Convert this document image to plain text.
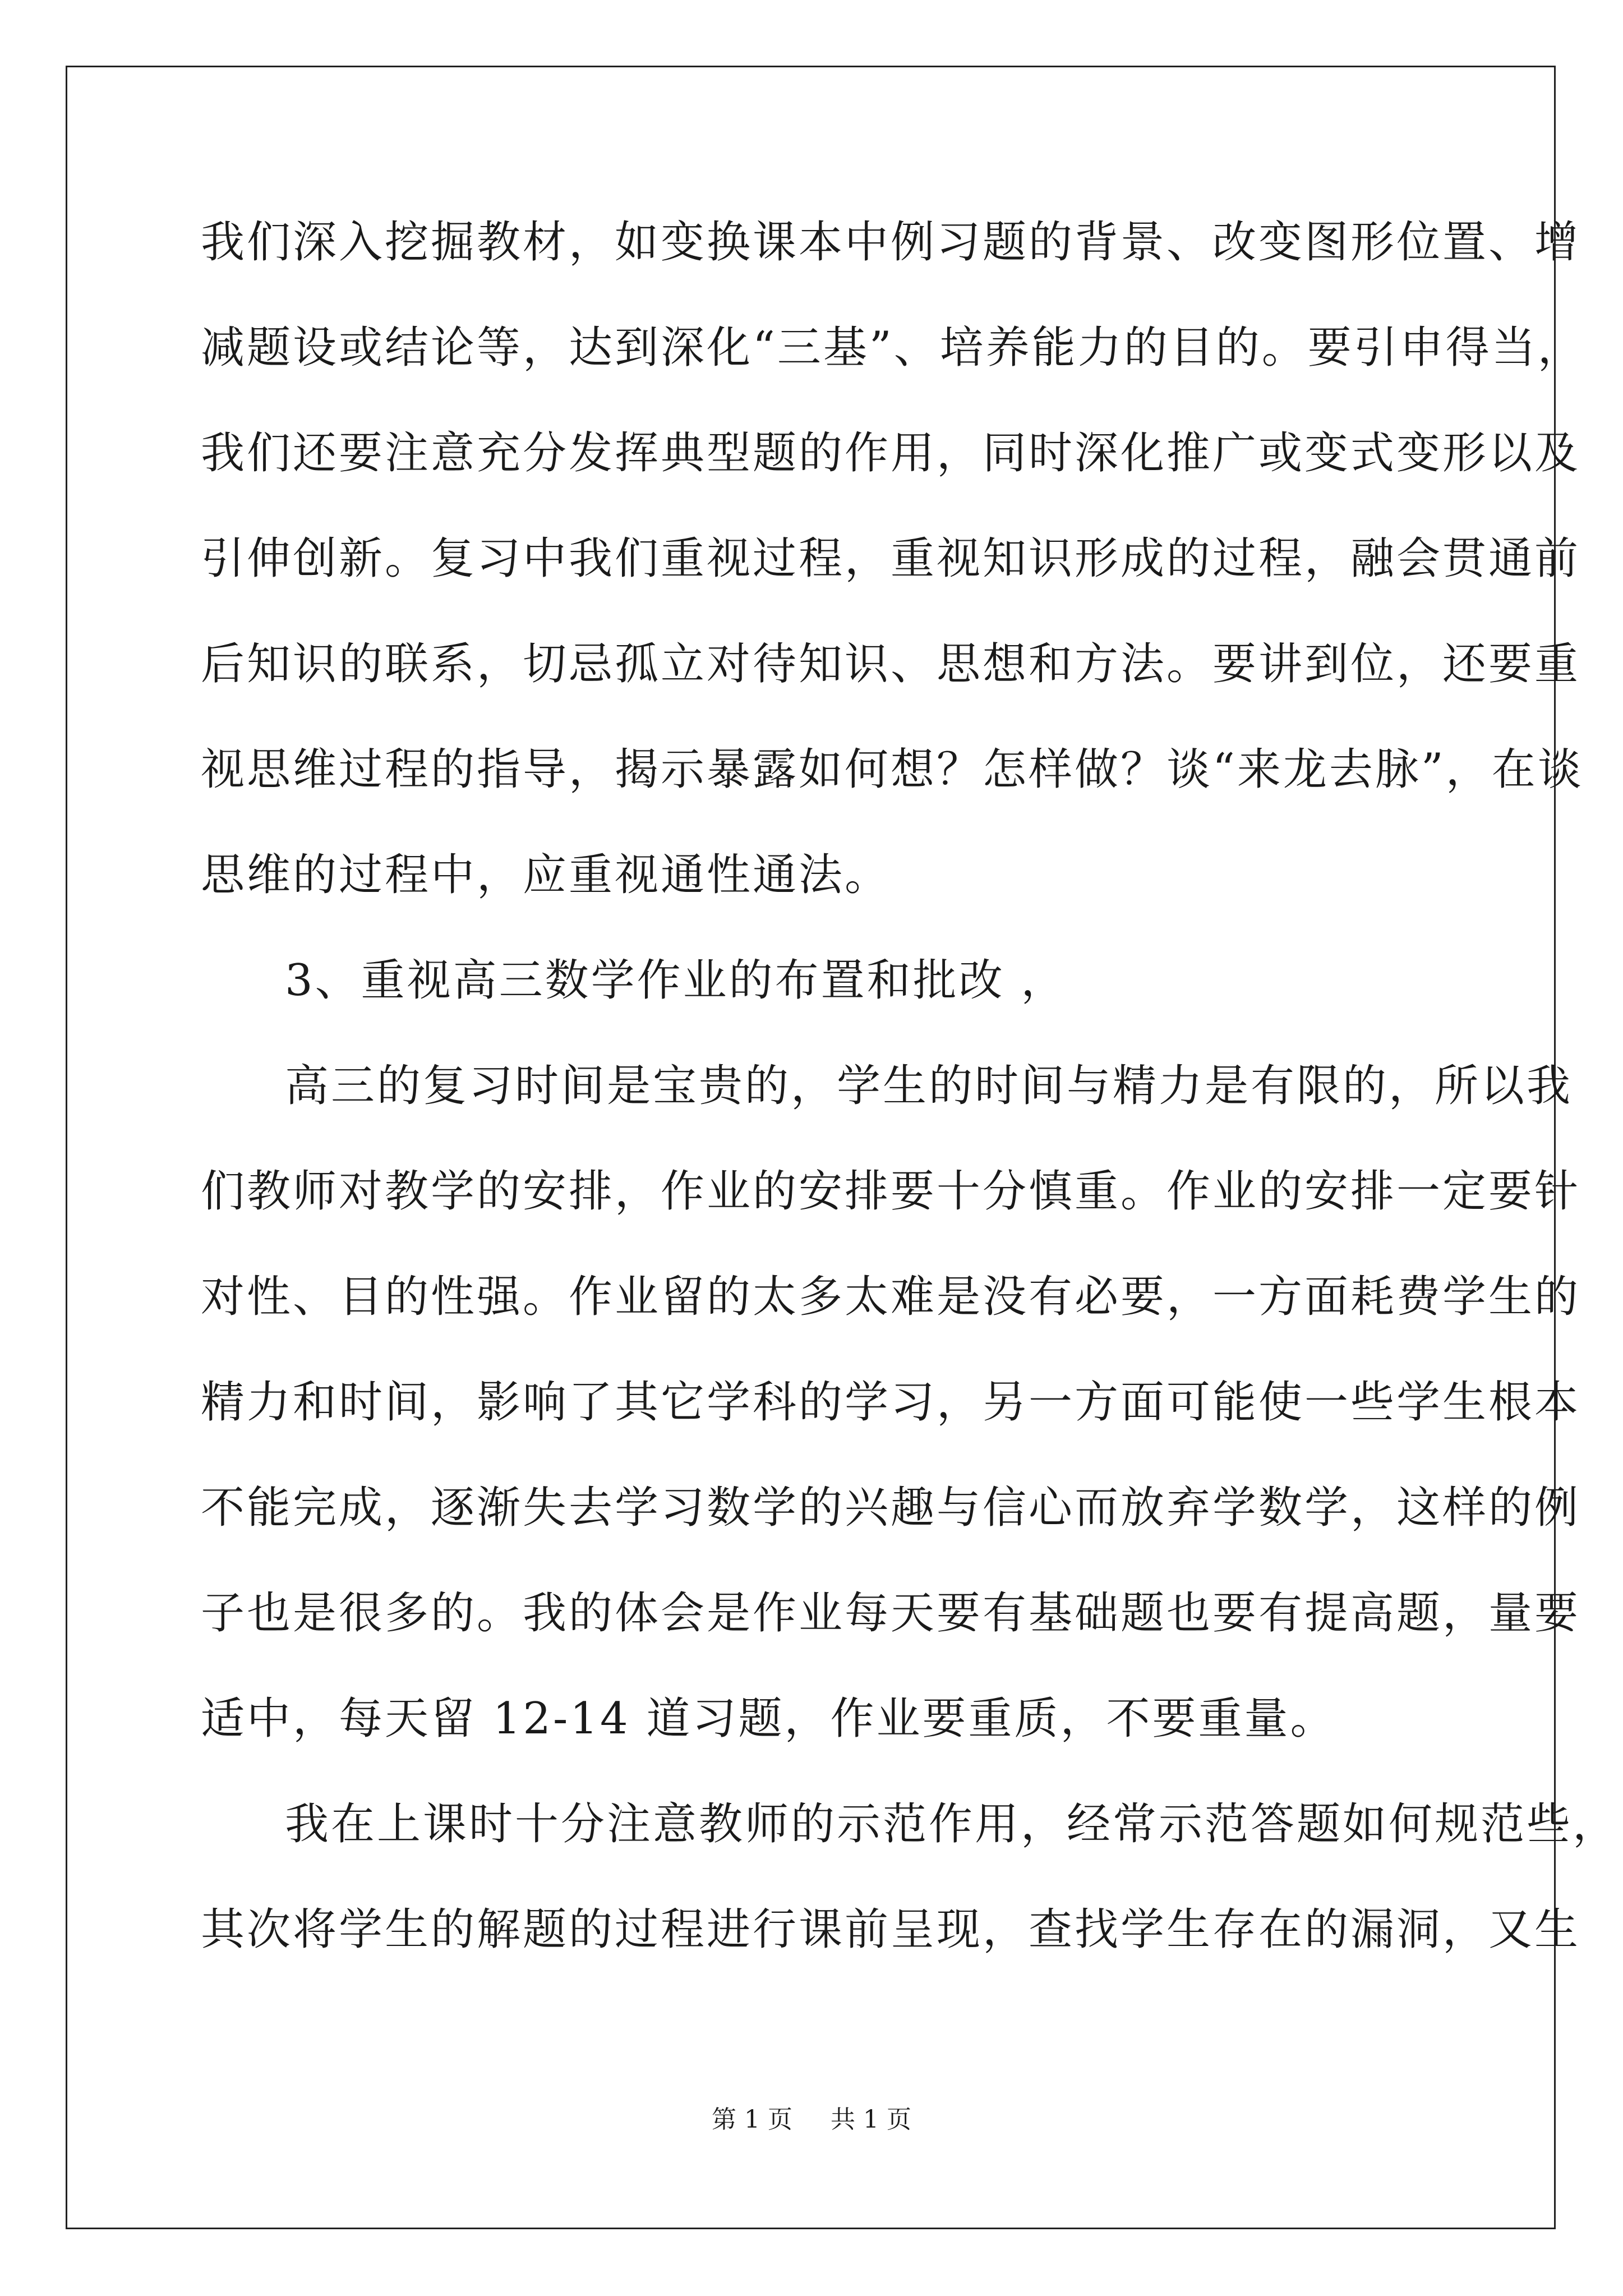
我们深入挖掘教材，如变换课本中例习题的背景、改变图形位置、增
减题设或结论等，达到深化“三基”、培养能力的目的。要引申得当，
我们还要注意充分发挥典型题的作用，同时深化推广或变式变形以及
引伸创新。复习中我们重视过程，重视知识形成的过程，融会贯通前
后知识的联系，切忌孤立对待知识、思想和方法。要讲到位，还要重
视思维过程的指导，揭示暴露如何想？怎样做？谈“来龙去脉”，在谈
思维的过程中，应重视通性通法。
3、重视高三数学作业的布置和批改 ，
高三的复习时间是宝贵的，学生的时间与精力是有限的，所以我
们教师对教学的安排，作业的安排要十分慎重。作业的安排一定要针
对性、目的性强。作业留的太多太难是没有必要，一方面耗费学生的
精力和时间，影响了其它学科的学习，另一方面可能使一些学生根本
不能完成，逐渐失去学习数学的兴趣与信心而放弃学数学，这样的例
子也是很多的。我的体会是作业每天要有基础题也要有提高题，量要
适中，每天留 12-14 道习题，作业要重质，不要重量。
我在上课时十分注意教师的示范作用，经常示范答题如何规范些，
其次将学生的解题的过程进行课前呈现，查找学生存在的漏洞，又生
第 1 页 共 1 页
